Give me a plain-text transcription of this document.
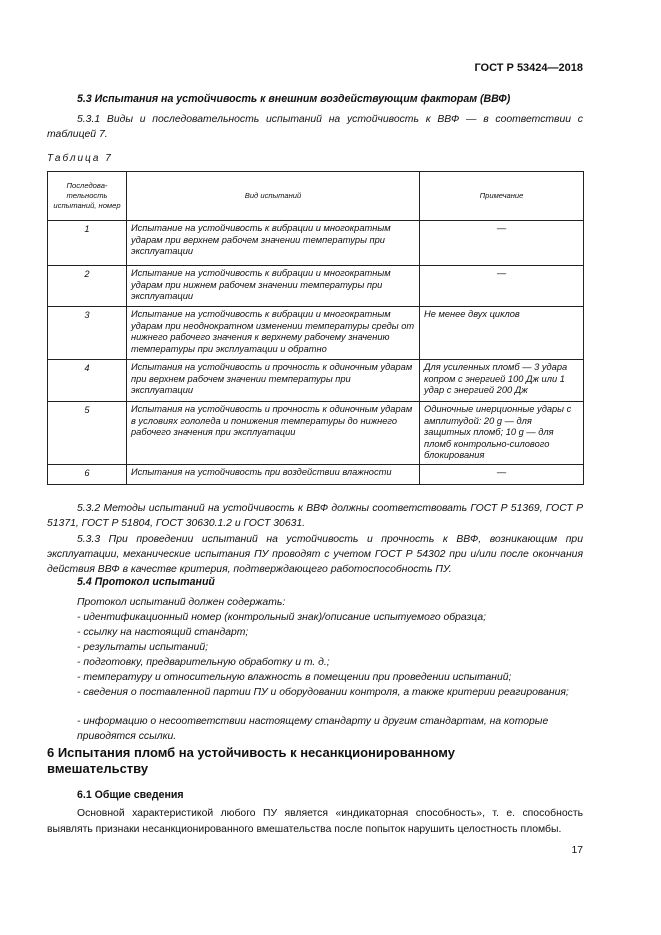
ГОСТ Р 53424—2018
5.3 Испытания на устойчивость к внешним воздействующим факторам (ВВФ)
5.3.1 Виды и последовательность испытаний на устойчивость к ВВФ — в соответствии с таблицей 7.
Таблица 7
Последова-тельность испытаний, номер	Вид испытаний	Примечание
1	Испытание на устойчивость к вибрации и многократным ударам при верхнем рабочем значении температуры при эксплуатации	—
2	Испытание на устойчивость к вибрации и многократным ударам при нижнем рабочем значении температуры при эксплуатации	—
3	Испытание на устойчивость к вибрации и многократным ударам при неоднократном изменении температуры среды от нижнего рабочего значения к верхнему рабочему значению температуры при эксплуатации и обратно	Не менее двух циклов
4	Испытания на устойчивость и прочность к одиночным ударам при верхнем рабочем значении температуры при эксплуатации	Для усиленных пломб — 3 удара копром с энергией 100 Дж или 1 удар с энергией 200 Дж
5	Испытания на устойчивость и прочность к одиночным ударам в условиях гололеда и понижения температуры до нижнего рабочего значения при эксплуатации	Одиночные инерционные удары с амплитудой: 20 g — для защитных пломб; 10 g — для пломб контрольно-силового блокирования
6	Испытания на устойчивость при воздействии влажности	—
5.3.2 Методы испытаний на устойчивость к ВВФ должны соответствовать ГОСТ Р 51369, ГОСТ Р 51371, ГОСТ Р 51804, ГОСТ 30630.1.2 и ГОСТ 30631.
5.3.3 При проведении испытаний на устойчивость и прочность к ВВФ, возникающим при эксплуатации, механические испытания ПУ проводят с учетом ГОСТ Р 54302 при и/или после окончания действия ВВФ в качестве критерия, подтверждающего работоспособность ПУ.
5.4 Протокол испытаний
Протокол испытаний должен содержать:
- идентификационный номер (контрольный знак)/описание испытуемого образца;
- ссылку на настоящий стандарт;
- результаты испытаний;
- подготовку, предварительную обработку и т. д.;
- температуру и относительную влажность в помещении при проведении испытаний;
- сведения о поставленной партии ПУ и оборудовании контроля, а также критерии реагирования;
- информацию о несоответствии настоящему стандарту и другим стандартам, на которые приводятся ссылки.
6 Испытания пломб на устойчивость к несанкционированному вмешательству
6.1 Общие сведения
Основной характеристикой любого ПУ является «индикаторная способность», т. е. способность выявлять признаки несанкционированного вмешательства после попыток нарушить целостность пломбы.
17
